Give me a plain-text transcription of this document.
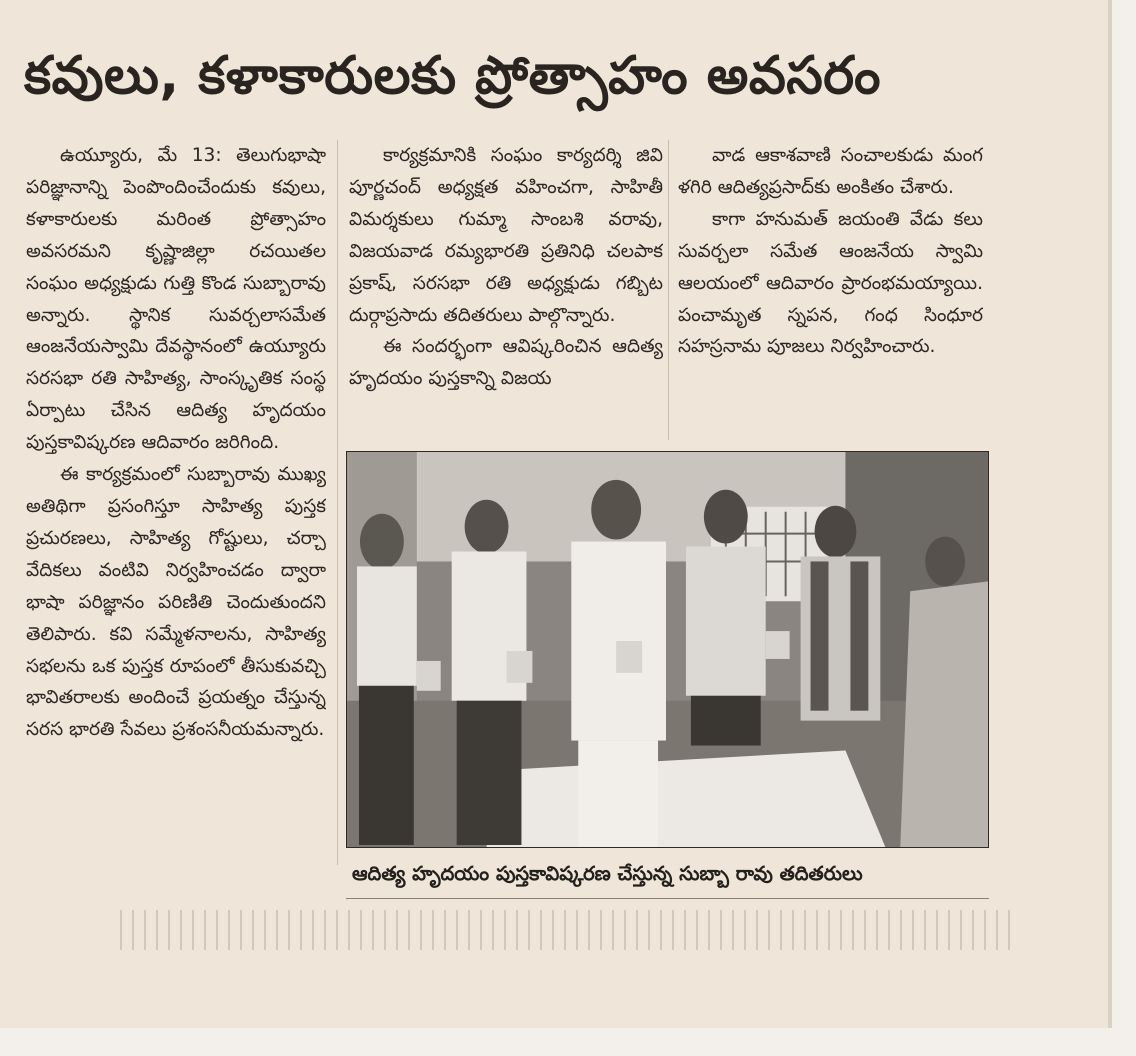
కవులు, కళాకారులకు ప్రోత్సాహం అవసరం

ఉయ్యూరు, మే 13: తెలుగుభాషా పరిజ్ఞానాన్ని పెంపొందించేందుకు కవులు, కళాకారులకు మరింత ప్రోత్సాహం అవసరమని కృష్ణాజిల్లా రచయితల సంఘం అధ్యక్షుడు గుత్తి కొండ సుబ్బారావు అన్నారు. స్థానిక సువర్చలాసమేత ఆంజనేయస్వామి దేవస్థానంలో ఉయ్యూరు సరసభా రతి సాహిత్య, సాంస్కృతిక సంస్థ ఏర్పాటు చేసిన ఆదిత్య హృదయం పుస్తకావిష్కరణ ఆదివారం జరిగింది.

ఈ కార్యక్రమంలో సుబ్బారావు ముఖ్య అతిథిగా ప్రసంగిస్తూ సాహిత్య పుస్తక ప్రచురణలు, సాహిత్య గోష్టులు, చర్చా వేదికలు వంటివి నిర్వహించడం ద్వారా భాషా పరిజ్ఞానం పరిణితి చెందుతుందని తెలిపారు. కవి సమ్మేళనాలను, సాహిత్య సభలను ఒక పుస్తక రూపంలో తీసుకువచ్చి భావితరాలకు అందించే ప్రయత్నం చేస్తున్న సరస భారతి సేవలు ప్రశంసనీయమన్నారు.

కార్యక్రమానికి సంఘం కార్యదర్శి జివి పూర్ణచంద్ అధ్యక్షత వహించగా, సాహితీ విమర్శకులు గుమ్మా సాంబశి వరావు, విజయవాడ రమ్యభారతి ప్రతినిధి చలపాక ప్రకాష్, సరసభా రతి అధ్యక్షుడు గబ్బిట దుర్గాప్రసాదు తదితరులు పాల్గొన్నారు.

ఈ సందర్భంగా ఆవిష్కరించిన ఆదిత్య హృదయం పుస్తకాన్ని విజయ

వాడ ఆకాశవాణి సంచాలకుడు మంగ ళగిరి ఆదిత్యప్రసాద్‌కు అంకితం చేశారు.

కాగా హనుమత్ జయంతి వేడు కలు సువర్చలా సమేత ఆంజనేయ స్వామి ఆలయంలో ఆదివారం ప్రారంభమయ్యాయి. పంచామృత స్నపన, గంధ సింధూర సహస్రనామ పూజలు నిర్వహించారు.

ఆదిత్య హృదయం పుస్తకావిష్కరణ చేస్తున్న సుబ్బా రావు తదితరులు
